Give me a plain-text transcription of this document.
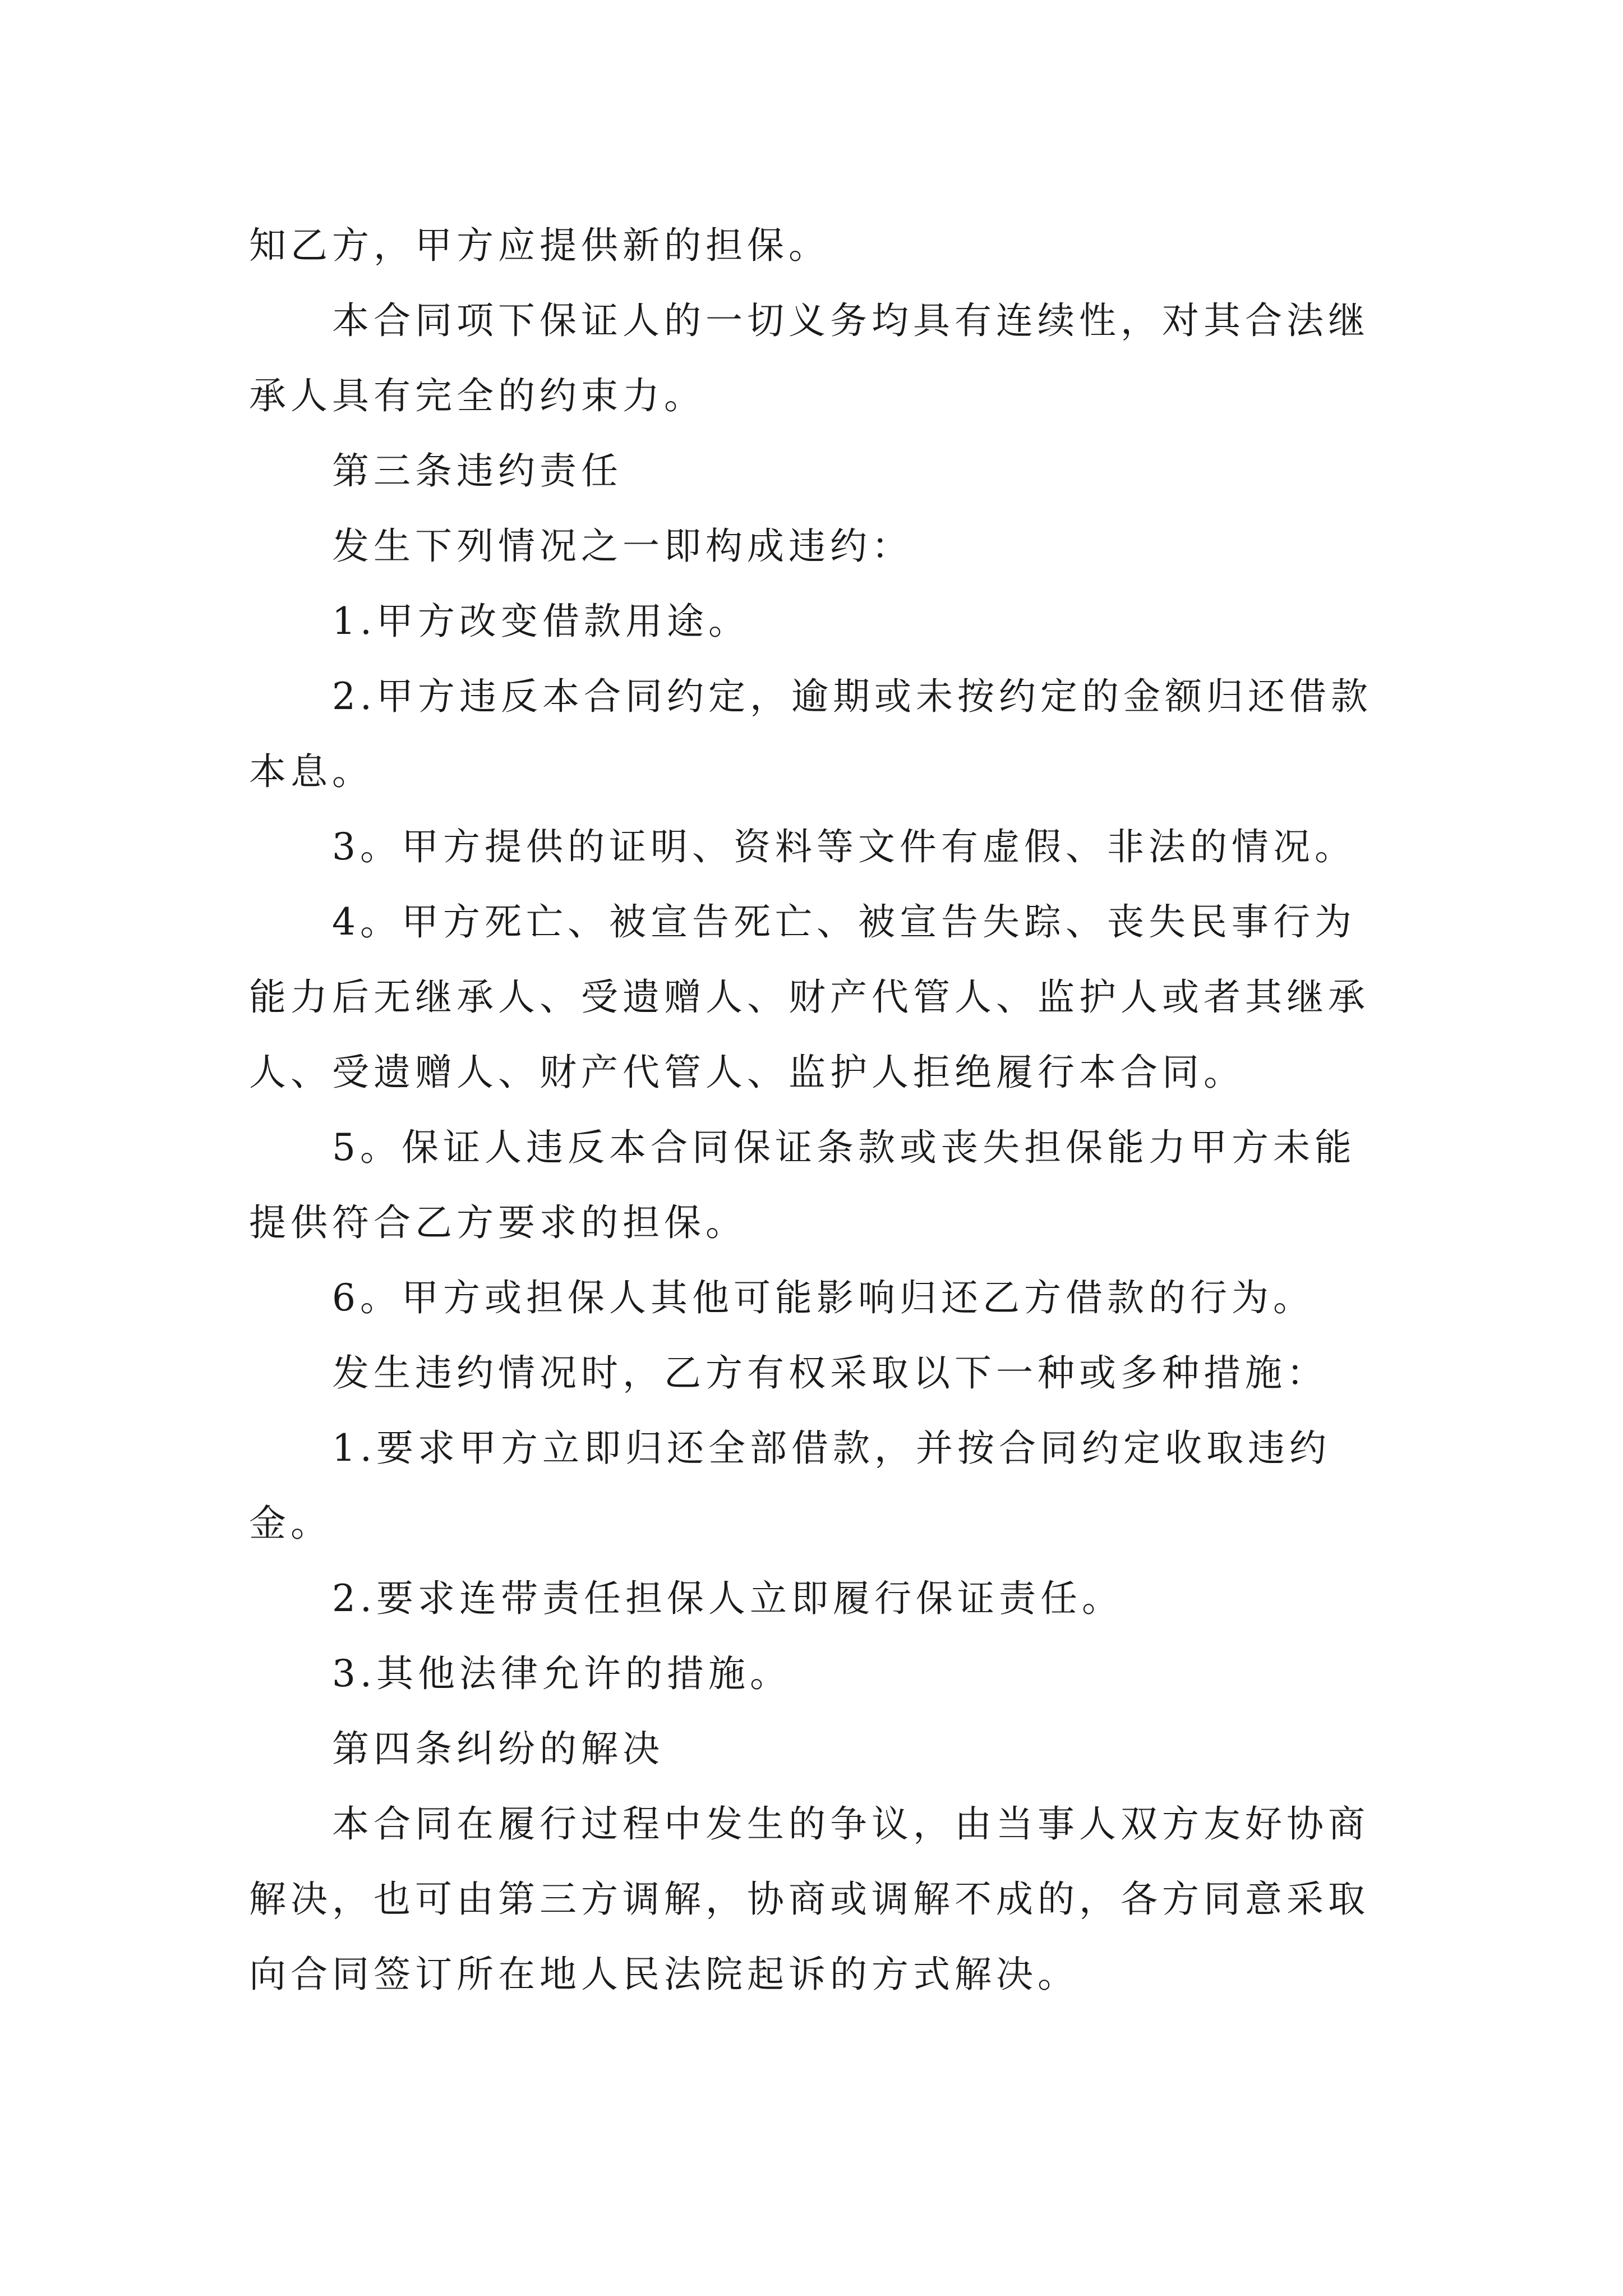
知乙方，甲方应提供新的担保。

本合同项下保证人的一切义务均具有连续性，对其合法继承人具有完全的约束力。

第三条违约责任

发生下列情况之一即构成违约：

1.甲方改变借款用途。

2.甲方违反本合同约定，逾期或未按约定的金额归还借款本息。

3。甲方提供的证明、资料等文件有虚假、非法的情况。

4。甲方死亡、被宣告死亡、被宣告失踪、丧失民事行为能力后无继承人、受遗赠人、财产代管人、监护人或者其继承人、受遗赠人、财产代管人、监护人拒绝履行本合同。

5。保证人违反本合同保证条款或丧失担保能力甲方未能提供符合乙方要求的担保。

6。甲方或担保人其他可能影响归还乙方借款的行为。

发生违约情况时，乙方有权采取以下一种或多种措施：

1.要求甲方立即归还全部借款，并按合同约定收取违约金。

2.要求连带责任担保人立即履行保证责任。

3.其他法律允许的措施。

第四条纠纷的解决

本合同在履行过程中发生的争议，由当事人双方友好协商解决，也可由第三方调解，协商或调解不成的，各方同意采取向合同签订所在地人民法院起诉的方式解决。
